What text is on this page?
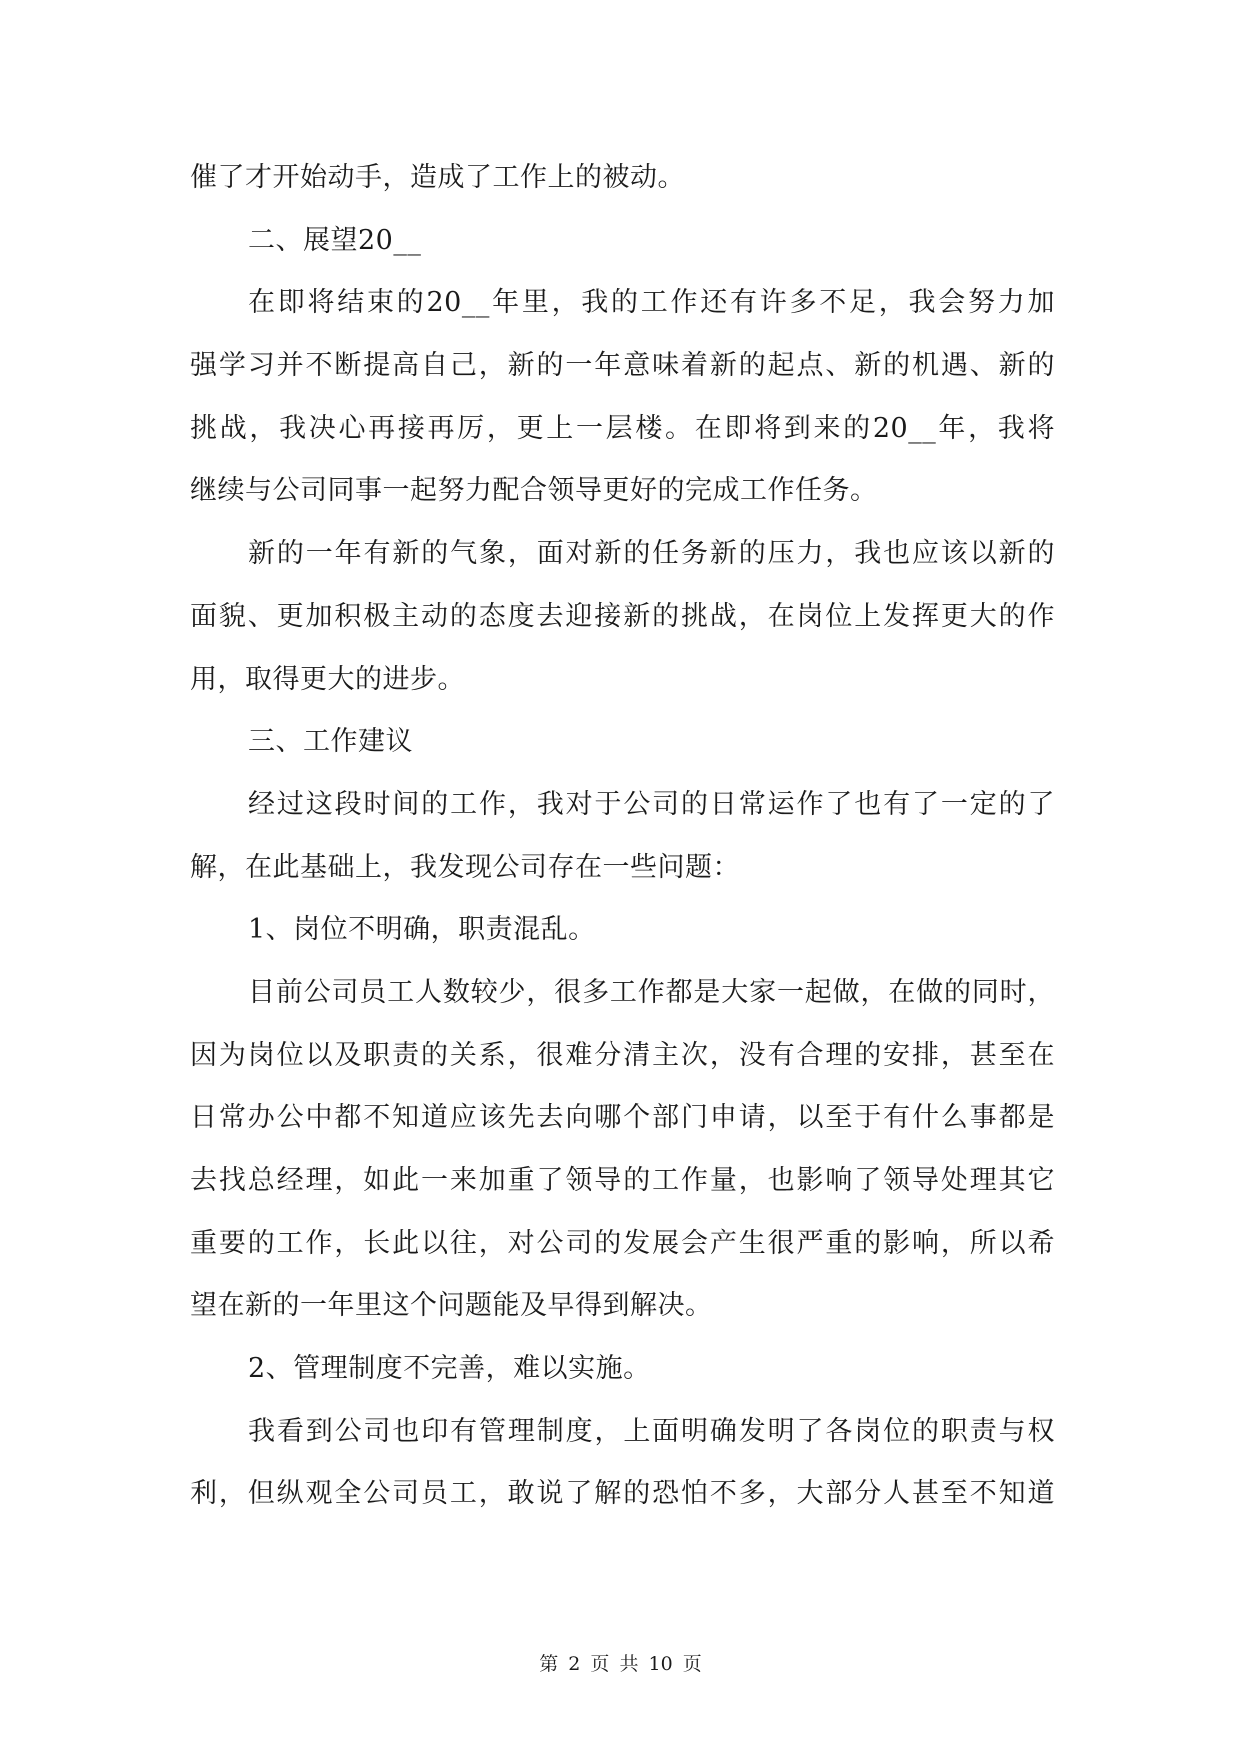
催了才开始动手，造成了工作上的被动。
二、展望20__
在即将结束的20__年里，我的工作还有许多不足，我会努力加
强学习并不断提高自己，新的一年意味着新的起点、新的机遇、新的
挑战，我决心再接再厉，更上一层楼。在即将到来的20__年，我将
继续与公司同事一起努力配合领导更好的完成工作任务。
新的一年有新的气象，面对新的任务新的压力，我也应该以新的
面貌、更加积极主动的态度去迎接新的挑战，在岗位上发挥更大的作
用，取得更大的进步。
三、工作建议
经过这段时间的工作，我对于公司的日常运作了也有了一定的了
解，在此基础上，我发现公司存在一些问题：
1、岗位不明确，职责混乱。
目前公司员工人数较少，很多工作都是大家一起做，在做的同时，
因为岗位以及职责的关系，很难分清主次，没有合理的安排，甚至在
日常办公中都不知道应该先去向哪个部门申请，以至于有什么事都是
去找总经理，如此一来加重了领导的工作量，也影响了领导处理其它
重要的工作，长此以往，对公司的发展会产生很严重的影响，所以希
望在新的一年里这个问题能及早得到解决。
2、管理制度不完善，难以实施。
我看到公司也印有管理制度，上面明确发明了各岗位的职责与权
利，但纵观全公司员工，敢说了解的恐怕不多，大部分人甚至不知道
第 2 页 共 10 页
